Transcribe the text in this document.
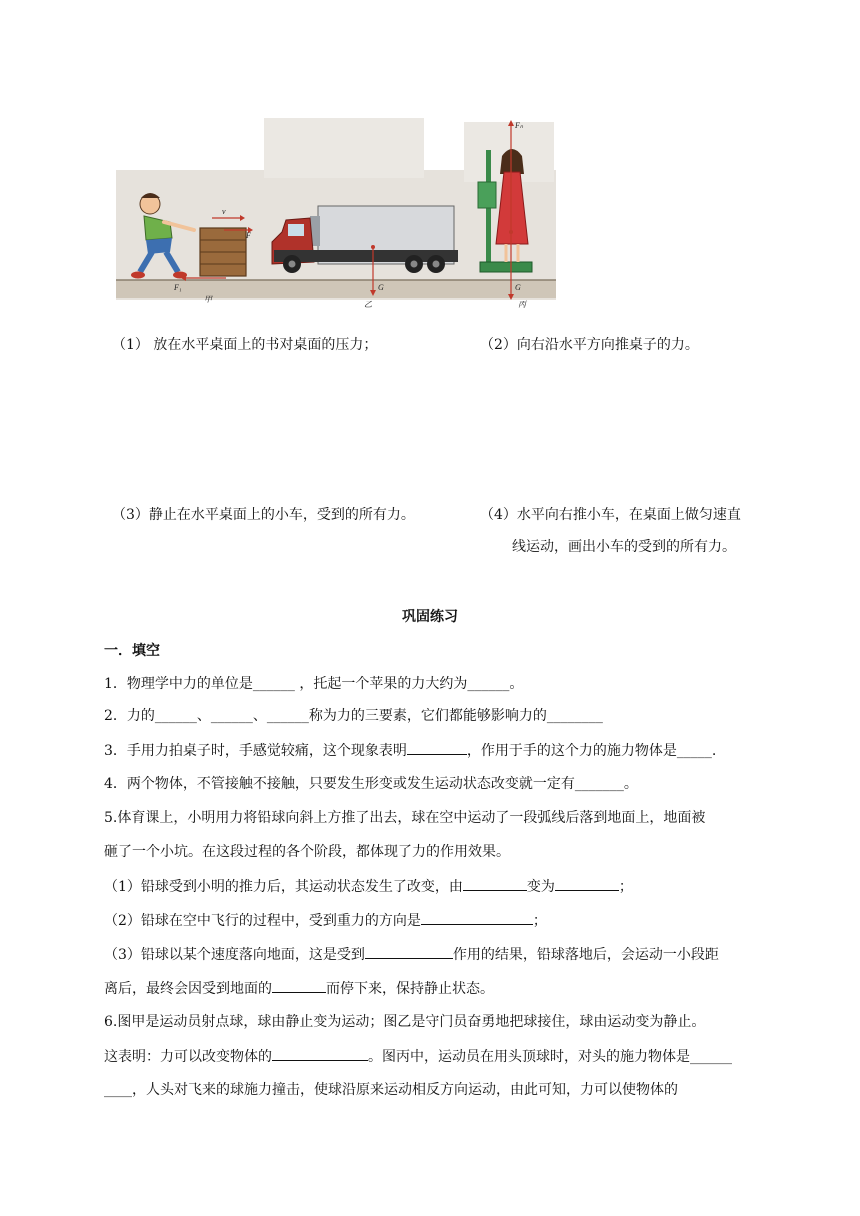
v
F
F₁
甲
G
乙
Fₙ
G
丙
（1） 放在水平桌面上的书对桌面的压力；	（2）向右沿水平方向推桌子的力。
（3）静止在水平桌面上的小车，受到的所有力。	（4）水平向右推小车，在桌面上做匀速直
线运动，画出小车的受到的所有力。
巩固练习
一．填空
1．物理学中力的单位是______ ，托起一个苹果的力大约为______。
2．力的______、______、______称为力的三要素，它们都能够影响力的________
3．手用力拍桌子时，手感觉较痛，这个现象表明	，作用于手的这个力的施力物体是_____.
4．两个物体，不管接触不接触，只要发生形变或发生运动状态改变就一定有_______。
5.体育课上，小明用力将铅球向斜上方推了出去，球在空中运动了一段弧线后落到地面上，地面被
砸了一个小坑。在这段过程的各个阶段，都体现了力的作用效果。
（1）铅球受到小明的推力后，其运动状态发生了改变，由	变为	；
（2）铅球在空中飞行的过程中，受到重力的方向是	；
（3）铅球以某个速度落向地面，这是受到	作用的结果，铅球落地后，会运动一小段距
离后，最终会因受到地面的	而停下来，保持静止状态。
6.图甲是运动员射点球，球由静止变为运动；图乙是守门员奋勇地把球接住，球由运动变为静止。
这表明：力可以改变物体的	。图丙中，运动员在用头顶球时，对头的施力物体是______
____，人头对飞来的球施力撞击，使球沿原来运动相反方向运动，由此可知，力可以使物体的
